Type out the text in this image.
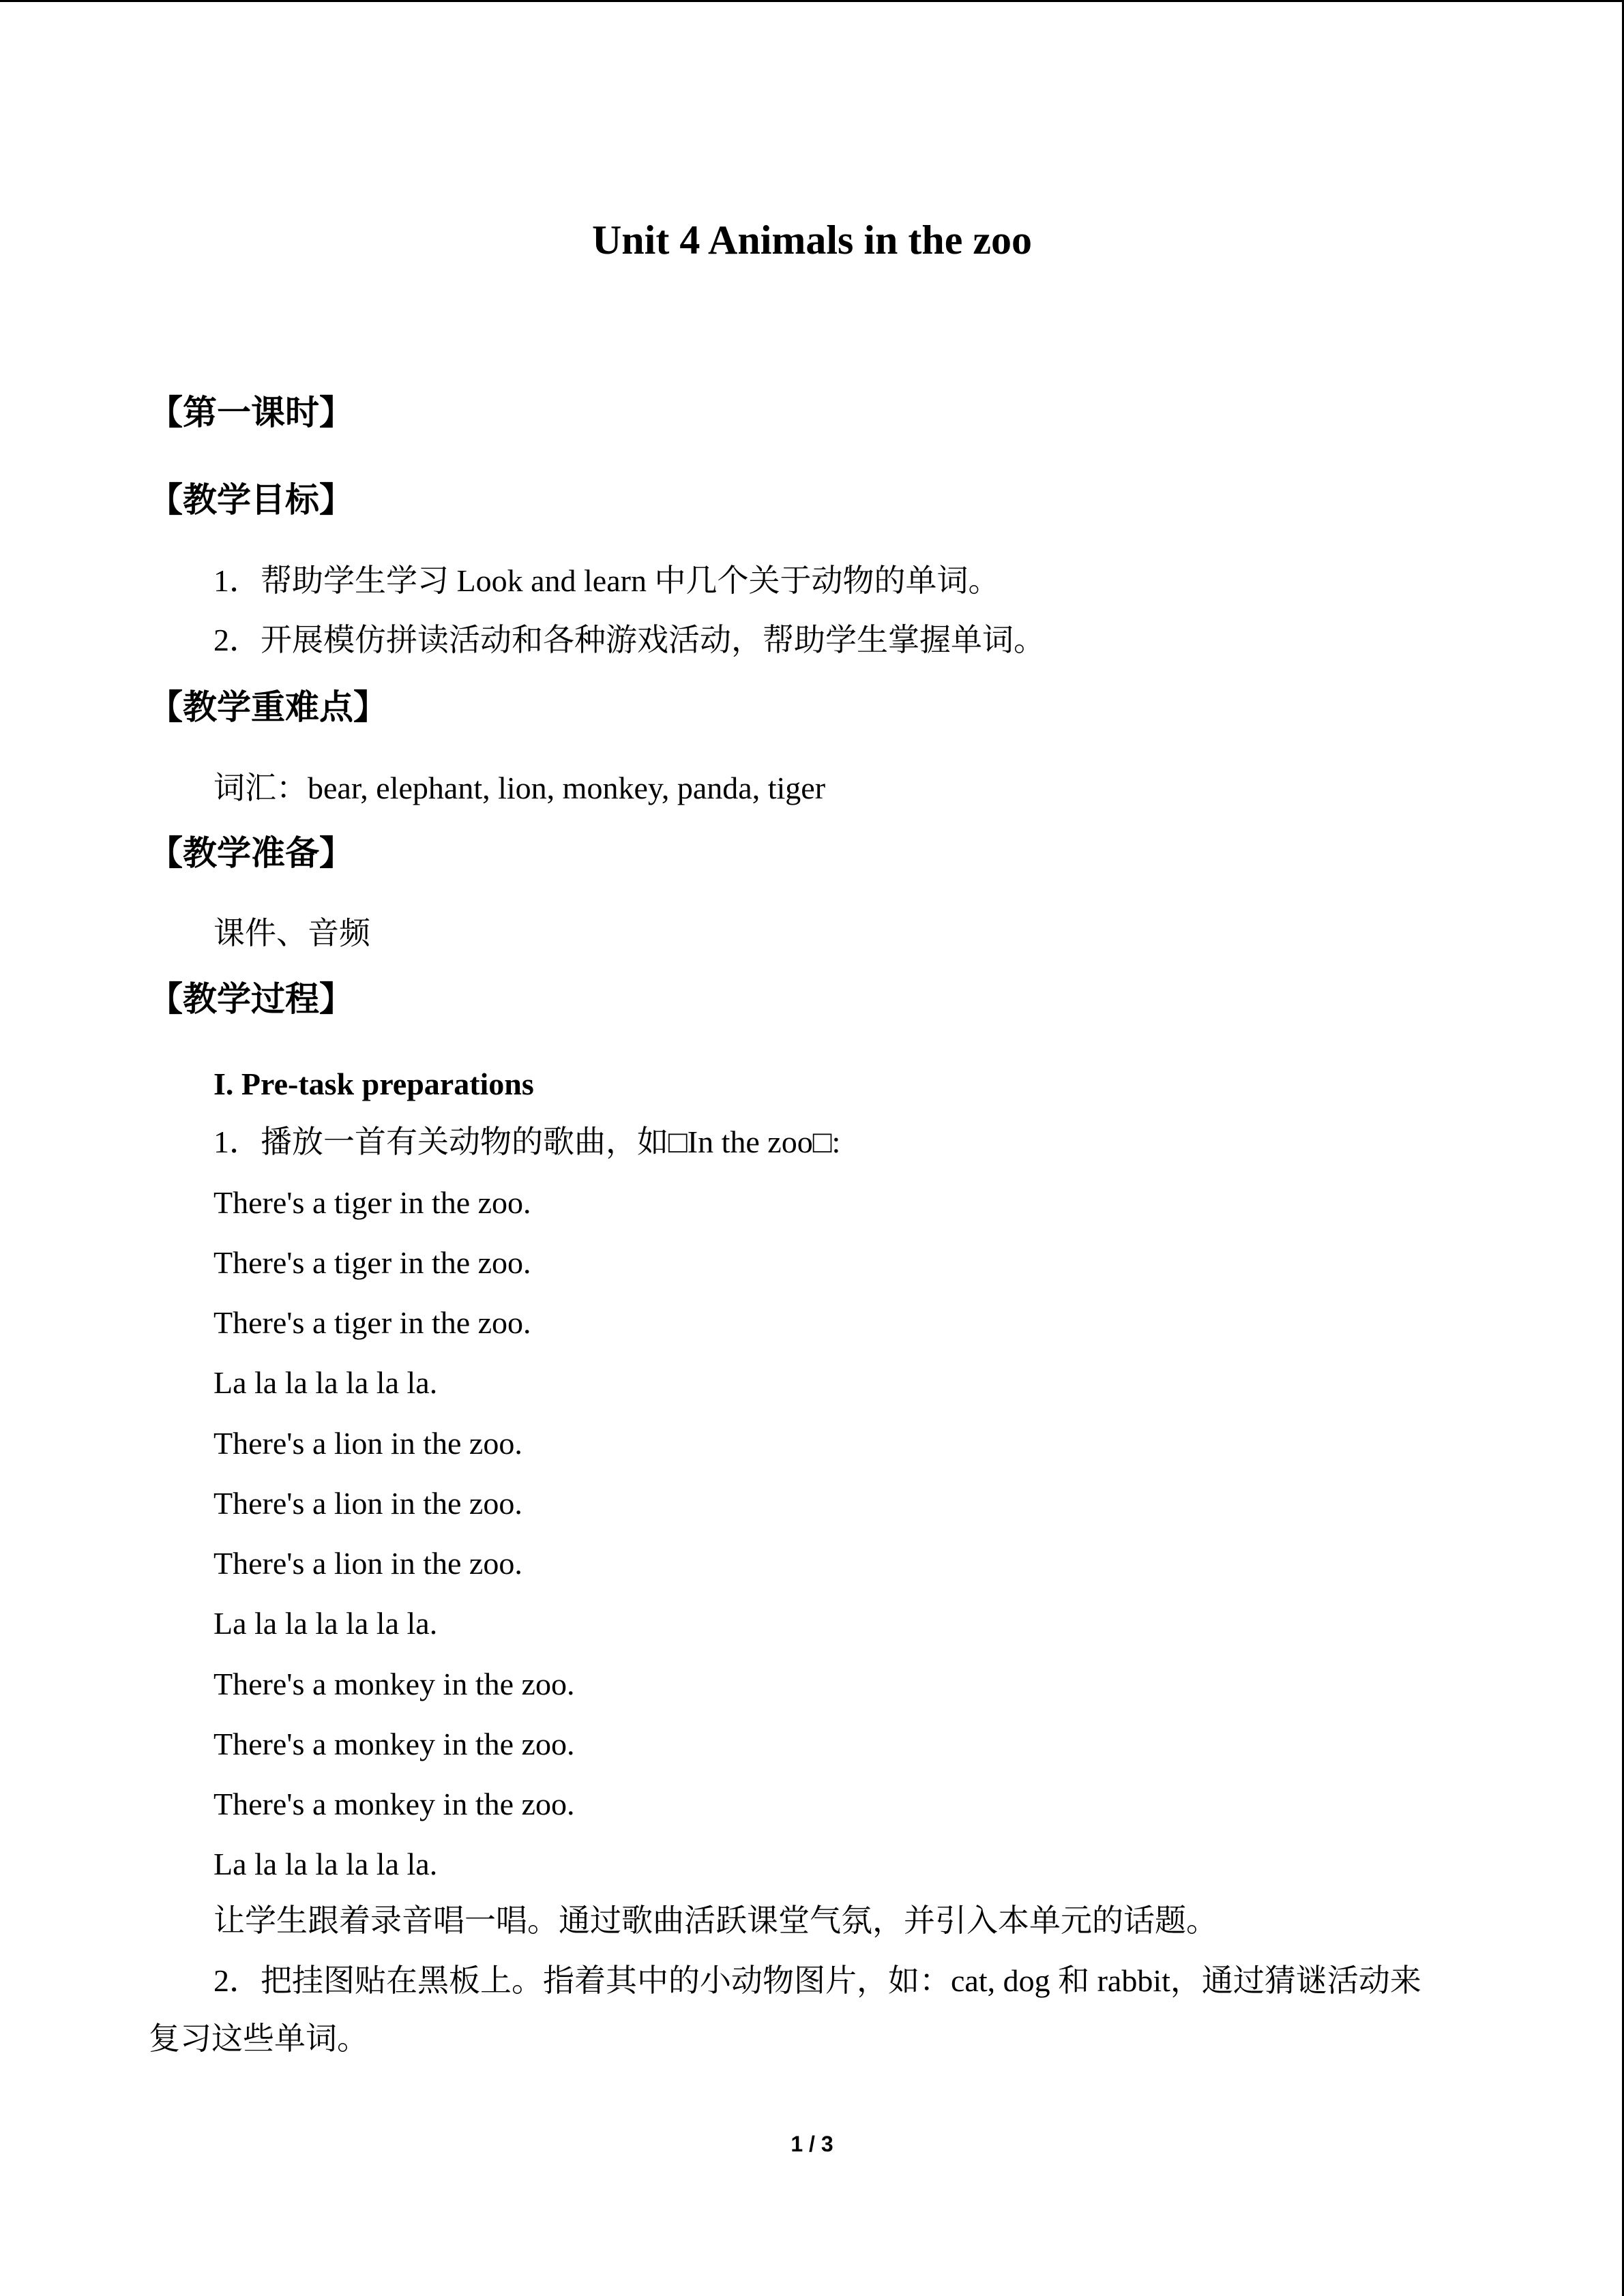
Unit 4 Animals in the zoo
【第一课时】
【教学目标】
1．帮助学生学习 Look and learn 中几个关于动物的单词。
2．开展模仿拼读活动和各种游戏活动，帮助学生掌握单词。
【教学重难点】
词汇：bear, elephant, lion, monkey, panda, tiger
【教学准备】
课件、音频
【教学过程】
I. Pre-task preparations
1．播放一首有关动物的歌曲，如□In the zoo□:
There's a tiger in the zoo.
There's a tiger in the zoo.
There's a tiger in the zoo.
La la la la la la la.
There's a lion in the zoo.
There's a lion in the zoo.
There's a lion in the zoo.
La la la la la la la.
There's a monkey in the zoo.
There's a monkey in the zoo.
There's a monkey in the zoo.
La la la la la la la.
让学生跟着录音唱一唱。通过歌曲活跃课堂气氛，并引入本单元的话题。
2．把挂图贴在黑板上。指着其中的小动物图片，如：cat, dog 和 rabbit，通过猜谜活动来
复习这些单词。
1 / 3
